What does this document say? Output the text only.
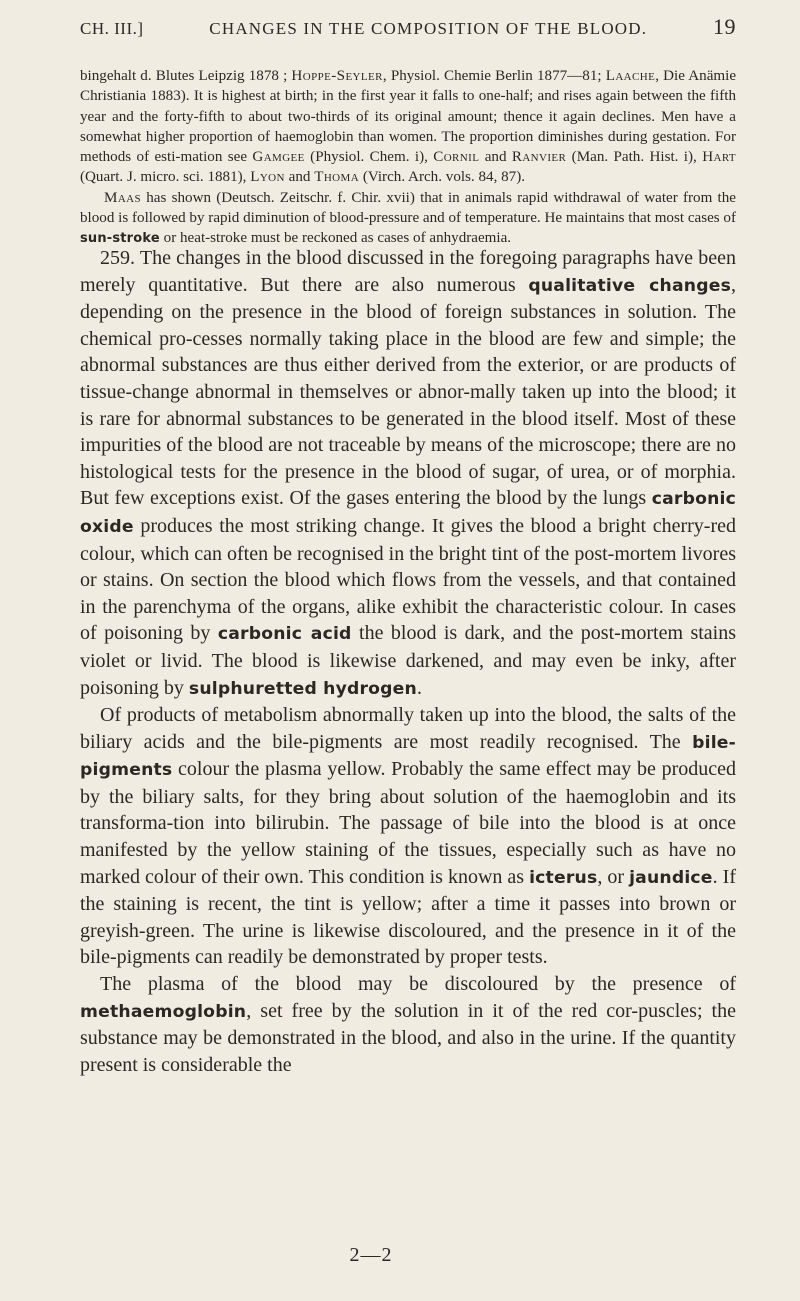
CH. III.]	CHANGES IN THE COMPOSITION OF THE BLOOD.	19

bingehalt d. Blutes Leipzig 1878 ; Hoppe-Seyler, Physiol. Chemie Berlin 1877—81; Laache, Die Anämie Christiania 1883). It is highest at birth; in the first year it falls to one-half; and rises again between the fifth year and the forty-fifth to about two-thirds of its original amount; thence it again declines. Men have a somewhat higher proportion of haemoglobin than women. The proportion diminishes during gestation. For methods of esti-mation see Gamgee (Physiol. Chem. i), Cornil and Ranvier (Man. Path. Hist. i), Hart (Quart. J. micro. sci. 1881), Lyon and Thoma (Virch. Arch. vols. 84, 87).

Maas has shown (Deutsch. Zeitschr. f. Chir. xvii) that in animals rapid withdrawal of water from the blood is followed by rapid diminution of blood-pressure and of temperature. He maintains that most cases of sun-stroke or heat-stroke must be reckoned as cases of anhydraemia.

259. The changes in the blood discussed in the foregoing paragraphs have been merely quantitative. But there are also numerous qualitative changes, depending on the presence in the blood of foreign substances in solution. The chemical pro-cesses normally taking place in the blood are few and simple; the abnormal substances are thus either derived from the exterior, or are products of tissue-change abnormal in themselves or abnor-mally taken up into the blood; it is rare for abnormal substances to be generated in the blood itself. Most of these impurities of the blood are not traceable by means of the microscope; there are no histological tests for the presence in the blood of sugar, of urea, or of morphia. But few exceptions exist. Of the gases entering the blood by the lungs carbonic oxide produces the most striking change. It gives the blood a bright cherry-red colour, which can often be recognised in the bright tint of the post-mortem livores or stains. On section the blood which flows from the vessels, and that contained in the parenchyma of the organs, alike exhibit the characteristic colour. In cases of poisoning by carbonic acid the blood is dark, and the post-mortem stains violet or livid. The blood is likewise darkened, and may even be inky, after poisoning by sulphuretted hydrogen.

Of products of metabolism abnormally taken up into the blood, the salts of the biliary acids and the bile-pigments are most readily recognised. The bile-pigments colour the plasma yellow. Probably the same effect may be produced by the biliary salts, for they bring about solution of the haemoglobin and its transforma-tion into bilirubin. The passage of bile into the blood is at once manifested by the yellow staining of the tissues, especially such as have no marked colour of their own. This condition is known as icterus, or jaundice. If the staining is recent, the tint is yellow; after a time it passes into brown or greyish-green. The urine is likewise discoloured, and the presence in it of the bile-pigments can readily be demonstrated by proper tests.

The plasma of the blood may be discoloured by the presence of methaemoglobin, set free by the solution in it of the red cor-puscles; the substance may be demonstrated in the blood, and also in the urine. If the quantity present is considerable the

2—2
